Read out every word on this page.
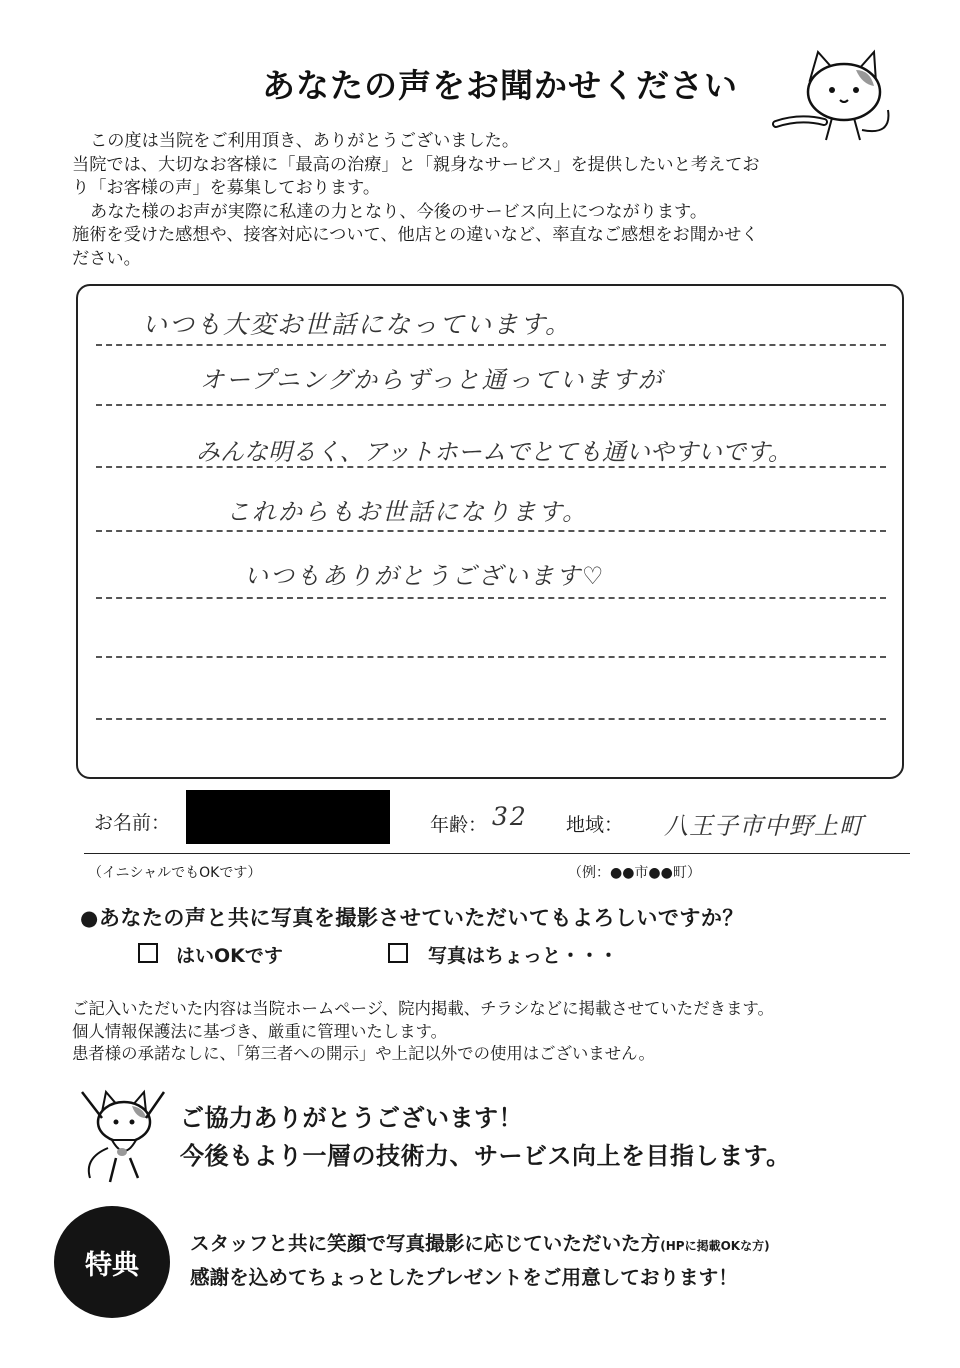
あなたの声をお聞かせください

この度は当院をご利用頂き、ありがとうございました。

当院では、大切なお客様に「最高の治療」と「親身なサービス」を提供したいと考えてお

り「お客様の声」を募集しております。

あなた様のお声が実際に私達の力となり、今後のサービス向上につながります。

施術を受けた感想や、接客対応について、他店との違いなど、率直なご感想をお聞かせく

ださい。

いつも大変お世話になっています。
オープニングからずっと通っていますが
みんな明るく、アットホームでとても通いやすいです。
これからもお世話になります。
いつもありがとうございます♡
お名前：	年齢： 32 地域： 八王子市中野上町
（イニシャルでもOKです）	（例：●●市●●町）
●あなたの声と共に写真を撮影させていただいてもよろしいですか？
はいOKです	写真はちょっと・・・

ご記入いただいた内容は当院ホームページ、院内掲載、チラシなどに掲載させていただきます。

個人情報保護法に基づき、厳重に管理いたします。

患者様の承諾なしに、「第三者への開示」や上記以外での使用はございません。

ご協力ありがとうございます！

今後もより一層の技術力、サービス向上を目指します。

特典

スタッフと共に笑顔で写真撮影に応じていただいた方(HPに掲載OKな方)

感謝を込めてちょっとしたプレゼントをご用意しております！
